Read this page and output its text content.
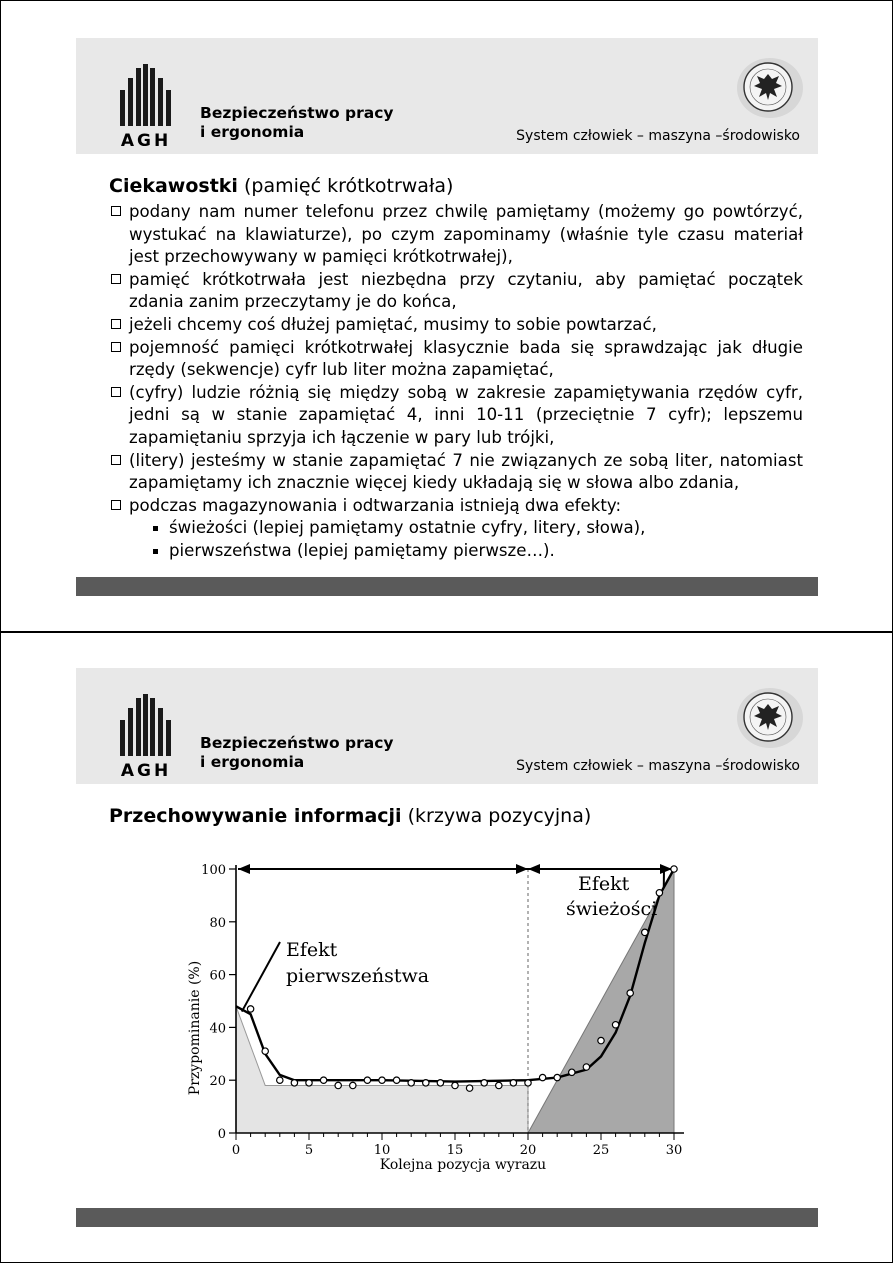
AGH
Bezpieczeństwo pracy
i ergonomia	System człowiek – maszyna –środowisko
Ciekawostki (pamięć krótkotrwała)
podany nam numer telefonu przez chwilę pamiętamy (możemy go powtórzyć, wystukać na klawiaturze), po czym zapominamy (właśnie tyle czasu materiał jest przechowywany w pamięci krótkotrwałej),
pamięć krótkotrwała jest niezbędna przy czytaniu, aby pamiętać początek zdania zanim przeczytamy je do końca,
jeżeli chcemy coś dłużej pamiętać, musimy to sobie powtarzać,
pojemność pamięci krótkotrwałej klasycznie bada się sprawdzając jak długie rzędy (sekwencje) cyfr lub liter można zapamiętać,
(cyfry) ludzie różnią się między sobą w zakresie zapamiętywania rzędów cyfr, jedni są w stanie zapamiętać 4, inni 10-11 (przeciętnie 7 cyfr); lepszemu zapamiętaniu sprzyja ich łączenie w pary lub trójki,
(litery) jesteśmy w stanie zapamiętać 7 nie związanych ze sobą liter, natomiast zapamiętamy ich znacznie więcej kiedy układają się w słowa albo zdania,
podczas magazynowania i odtwarzania istnieją dwa efekty:
świeżości (lepiej pamiętamy ostatnie cyfry, litery, słowa),
pierwszeństwa (lepiej pamiętamy pierwsze…).
AGH
Bezpieczeństwo pracy
i ergonomia	System człowiek – maszyna –środowisko
Przechowywanie informacji (krzywa pozycyjna)
0
20
40
60
80
100
0	5	10	15	20	25	30
Efekt
pierwszeństwa
Efekt
świeżości
Przypominanie (%)
Kolejna pozycja wyrazu
